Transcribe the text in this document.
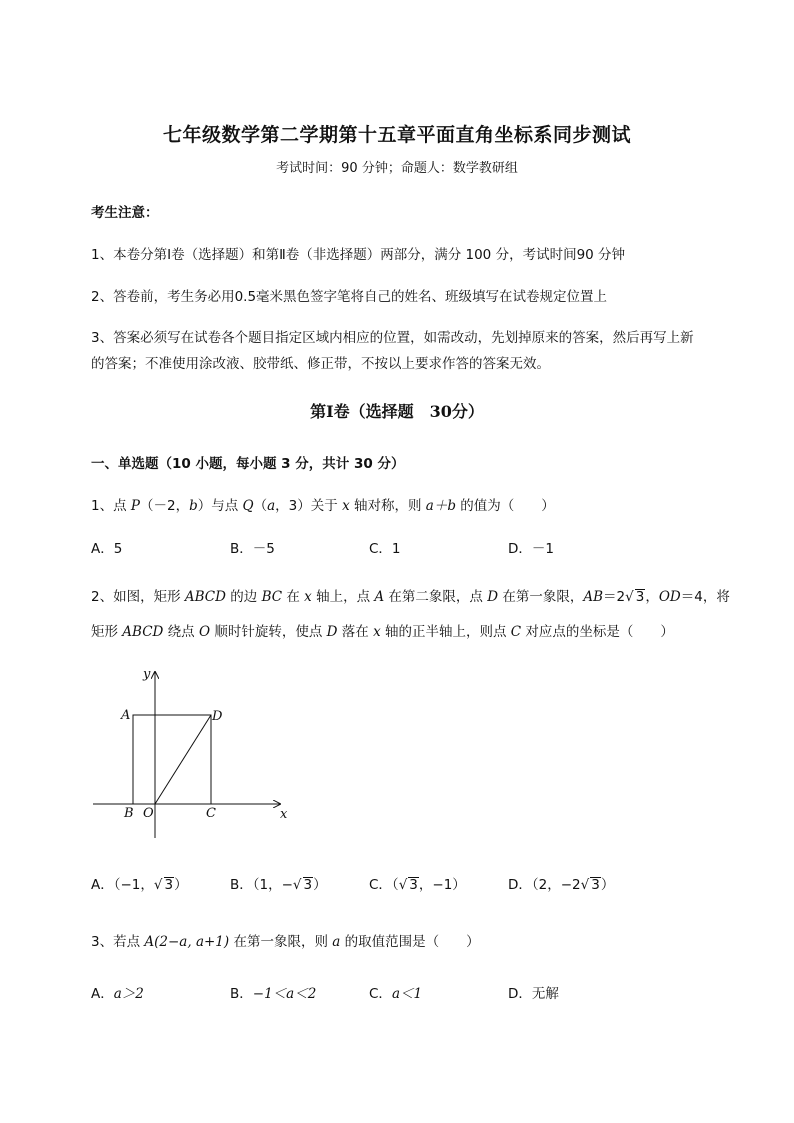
七年级数学第二学期第十五章平面直角坐标系同步测试
考试时间：90 分钟；命题人：数学教研组
考生注意：
1、本卷分第Ⅰ卷（选择题）和第Ⅱ卷（非选择题）两部分，满分 100 分，考试时间90 分钟
2、答卷前，考生务必用0.5毫米黑色签字笔将自己的姓名、班级填写在试卷规定位置上
3、答案必须写在试卷各个题目指定区域内相应的位置，如需改动，先划掉原来的答案，然后再写上新
的答案；不准使用涂改液、胶带纸、修正带，不按以上要求作答的答案无效。
第Ⅰ卷（选择题　30分）
一、单选题（10 小题，每小题 3 分，共计 30 分）
1、点 P（－2，b）与点 Q（a，3）关于 x 轴对称，则 a＋b 的值为（　　）
A．5	B．－5	C．1	D．－1
2、如图，矩形 ABCD 的边 BC 在 x 轴上，点 A 在第二象限，点 D 在第一象限，AB＝2√ 3，OD＝4，将
矩形 ABCD 绕点 O 顺时针旋转，使点 D 落在 x 轴的正半轴上，则点 C 对应点的坐标是（　　）
y
x
A	D
B O	C
A．（−1，√ 3）	B．（1，−√ 3）	C．（√ 3，−1）	D．（2，−2√ 3）
3、若点 A(2−a, a+1) 在第一象限，则 a 的取值范围是（　　）
A．a＞2	B．−1＜a＜2	C．a＜1	D．无解
